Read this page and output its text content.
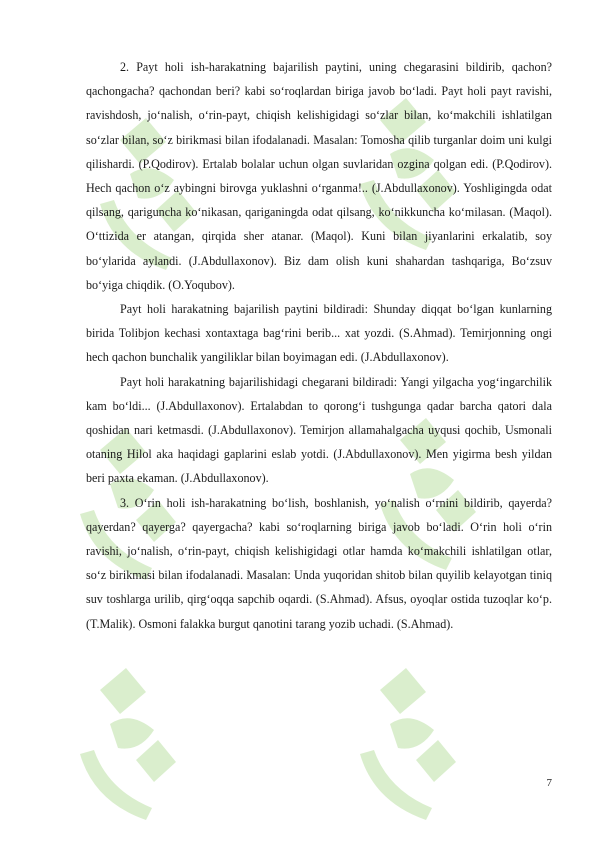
2. Payt holi ish-harakatning bajarilish paytini, uning chegarasini bildirib, qachon? qachongacha? qachondan beri? kabi so‘roqlardan biriga javob bo‘ladi. Payt holi payt ravishi, ravishdosh, jo‘nalish, o‘rin-payt, chiqish kelishigidagi so‘zlar bilan, ko‘makchili ishlatilgan so‘zlar bilan, so‘z birikmasi bilan ifodalanadi. Masalan: Tomosha qilib turganlar doim uni kulgi qilishardi. (P.Qodirov). Ertalab bolalar uchun olgan suvlaridan ozgina qolgan edi. (P.Qodirov). Hech qachon o‘z aybingni birovga yuklashni o‘rganma!.. (J.Abdullaxonov). Yoshligingda odat qilsang, qariguncha ko‘nikasan, qariganingda odat qilsang, ko‘nikkuncha ko‘milasan. (Maqol). O‘ttizida er atangan, qirqida sher atanar. (Maqol). Kuni bilan jiyanlarini erkalatib, soy bo‘ylarida aylandi. (J.Abdullaxonov). Biz dam olish kuni shahardan tashqariga, Bo‘zsuv bo‘yiga chiqdik. (O.Yoqubov).

Payt holi harakatning bajarilish paytini bildiradi: Shunday diqqat bo‘lgan kunlarning birida Tolibjon kechasi xontaxtaga bag‘rini berib... xat yozdi. (S.Ahmad). Temirjonning ongi hech qachon bunchalik yangiliklar bilan boyimagan edi. (J.Abdullaxonov).

Payt holi harakatning bajarilishidagi chegarani bildiradi: Yangi yilgacha yog‘ingarchilik kam bo‘ldi... (J.Abdullaxonov). Ertalabdan to qorong‘i tushgunga qadar barcha qatori dala qoshidan nari ketmasdi. (J.Abdullaxonov). Temirjon allamahalgacha uyqusi qochib, Usmonali otaning Hilol aka haqidagi gaplarini eslab yotdi. (J.Abdullaxonov). Men yigirma besh yildan beri paxta ekaman. (J.Abdullaxonov).

3. O‘rin holi ish-harakatning bo‘lish, boshlanish, yo‘nalish o‘rnini bildirib, qayerda? qayerdan? qayerga? qayergacha? kabi so‘roqlarning biriga javob bo‘ladi. O‘rin holi o‘rin ravishi, jo‘nalish, o‘rin-payt, chiqish kelishigidagi otlar hamda ko‘makchili ishlatilgan otlar, so‘z birikmasi bilan ifodalanadi. Masalan: Unda yuqoridan shitob bilan quyilib kelayotgan tiniq suv toshlarga urilib, qirg‘oqqa sapchib oqardi. (S.Ahmad). Afsus, oyoqlar ostida tuzoqlar ko‘p. (T.Malik). Osmoni falakka burgut qanotini tarang yozib uchadi. (S.Ahmad).

7
